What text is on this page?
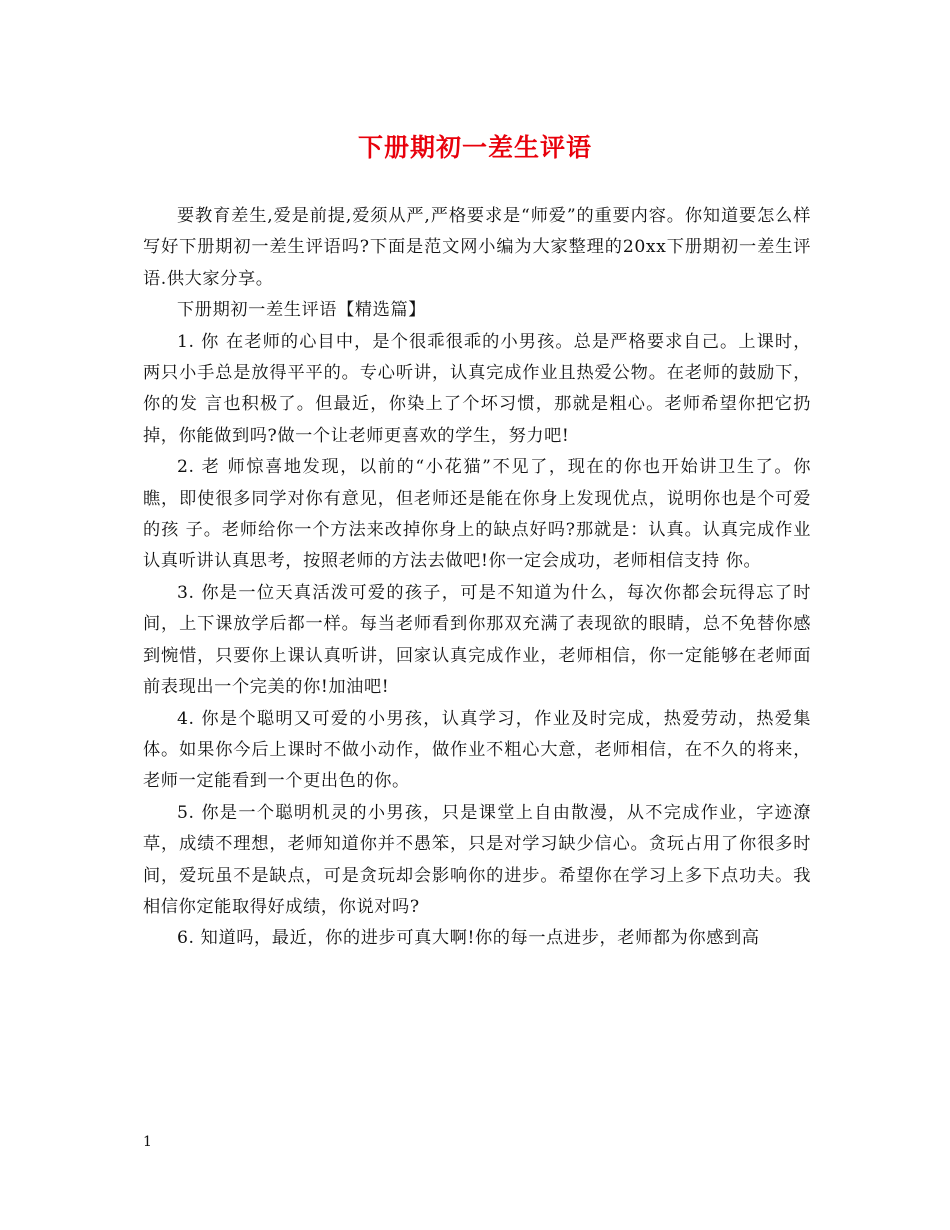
下册期初一差生评语

要教育差生,爱是前提,爱须从严,严格要求是“师爱”的重要内容。你知道要怎么样写好下册期初一差生评语吗?下面是范文网小编为大家整理的20xx下册期初一差生评语.供大家分享。

下册期初一差生评语【精选篇】

1. 你 在老师的心目中，是个很乖很乖的小男孩。总是严格要求自己。上课时，两只小手总是放得平平的。专心听讲，认真完成作业且热爱公物。在老师的鼓励下，你的发 言也积极了。但最近，你染上了个坏习惯，那就是粗心。老师希望你把它扔掉，你能做到吗?做一个让老师更喜欢的学生，努力吧!

2. 老 师惊喜地发现，以前的“小花猫”不见了，现在的你也开始讲卫生了。你瞧，即使很多同学对你有意见，但老师还是能在你身上发现优点，说明你也是个可爱的孩 子。老师给你一个方法来改掉你身上的缺点好吗?那就是：认真。认真完成作业认真听讲认真思考，按照老师的方法去做吧!你一定会成功，老师相信支持 你。

3. 你是一位天真活泼可爱的孩子，可是不知道为什么，每次你都会玩得忘了时间，上下课放学后都一样。每当老师看到你那双充满了表现欲的眼睛，总不免替你感到惋惜，只要你上课认真听讲，回家认真完成作业，老师相信，你一定能够在老师面前表现出一个完美的你!加油吧!

4. 你是个聪明又可爱的小男孩，认真学习，作业及时完成，热爱劳动，热爱集体。如果你今后上课时不做小动作，做作业不粗心大意，老师相信，在不久的将来，老师一定能看到一个更出色的你。

5. 你是一个聪明机灵的小男孩，只是课堂上自由散漫，从不完成作业，字迹潦草，成绩不理想，老师知道你并不愚笨，只是对学习缺少信心。贪玩占用了你很多时间，爱玩虽不是缺点，可是贪玩却会影响你的进步。希望你在学习上多下点功夫。我相信你定能取得好成绩，你说对吗?

6. 知道吗，最近，你的进步可真大啊!你的每一点进步，老师都为你感到高

1
